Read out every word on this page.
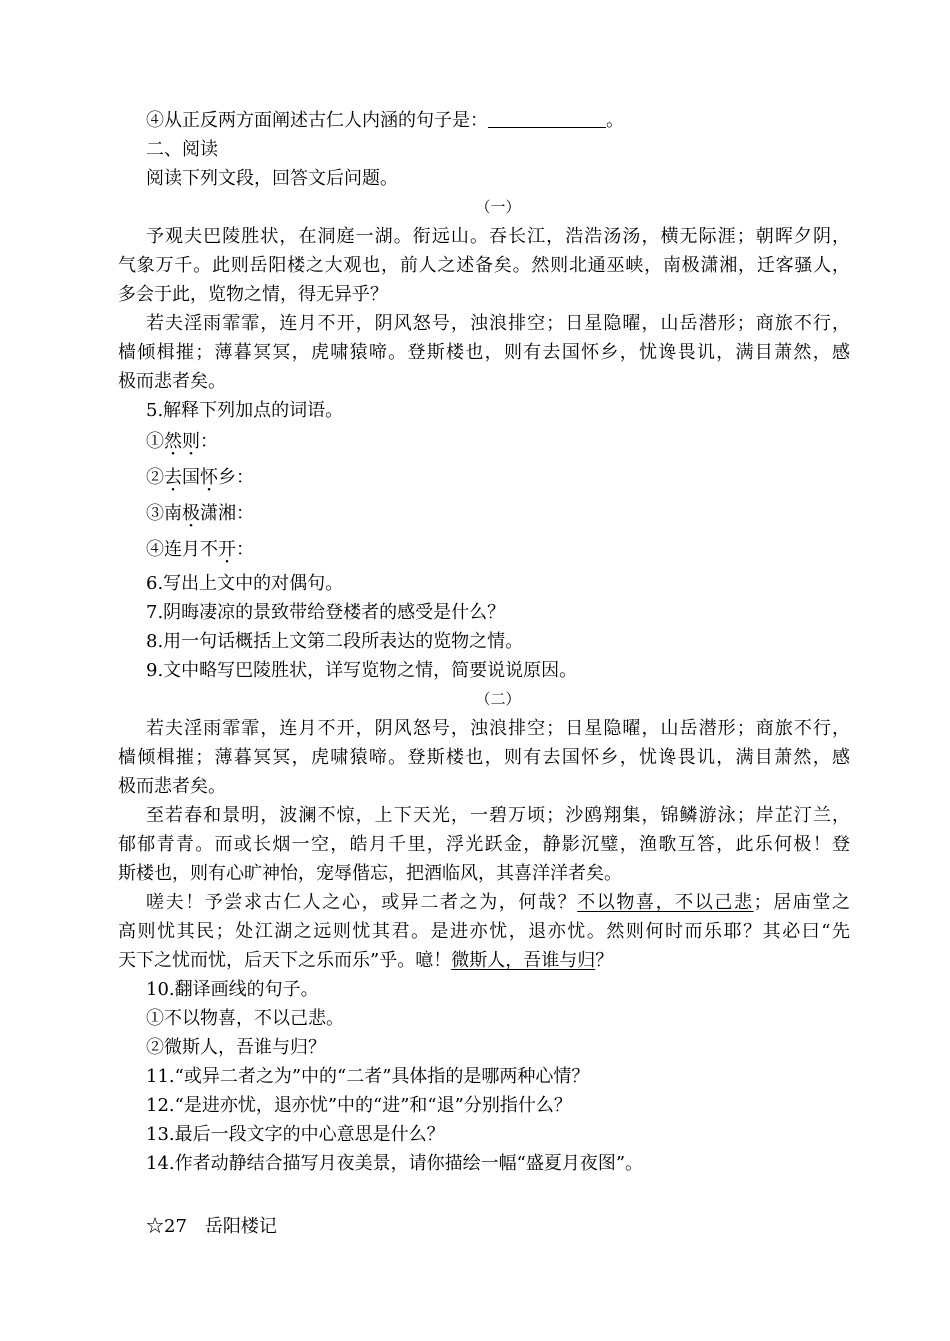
④从正反两方面阐述古仁人内涵的句子是：	。
二、阅读
阅读下列文段，回答文后问题。
（一）
予观夫巴陵胜状，在洞庭一湖。衔远山。吞长江，浩浩汤汤，横无际涯；朝晖夕阴，
气象万千。此则岳阳楼之大观也，前人之述备矣。然则北通巫峡，南极潇湘，迁客骚人，
多会于此，览物之情，得无异乎？
若夫淫雨霏霏，连月不开，阴风怒号，浊浪排空；日星隐曜，山岳潜形；商旅不行，
樯倾楫摧；薄暮冥冥，虎啸猿啼。登斯楼也，则有去国怀乡，忧谗畏讥，满目萧然，感
极而悲者矣。
5.解释下列加点的词语。
①然则：
②去国怀乡：
③南极潇湘：
④连月不开：
6.写出上文中的对偶句。
7.阴晦凄凉的景致带给登楼者的感受是什么？
8.用一句话概括上文第二段所表达的览物之情。
9.文中略写巴陵胜状，详写览物之情，简要说说原因。
（二）
若夫淫雨霏霏，连月不开，阴风怒号，浊浪排空；日星隐曜，山岳潜形；商旅不行，
樯倾楫摧；薄暮冥冥，虎啸猿啼。登斯楼也，则有去国怀乡，忧谗畏讥，满目萧然，感
极而悲者矣。
至若春和景明，波澜不惊，上下天光，一碧万顷；沙鸥翔集，锦鳞游泳；岸芷汀兰，
郁郁青青。而或长烟一空，皓月千里，浮光跃金，静影沉璧，渔歌互答，此乐何极！登
斯楼也，则有心旷神怡，宠辱偕忘，把酒临风，其喜洋洋者矣。
嗟夫！予尝求古仁人之心，或异二者之为，何哉？不以物喜，不以己悲；居庙堂之
高则忧其民；处江湖之远则忧其君。是进亦忧，退亦忧。然则何时而乐耶？其必曰“先
天下之忧而忧，后天下之乐而乐”乎。噫！微斯人，吾谁与归？
10.翻译画线的句子。
①不以物喜，不以己悲。
②微斯人，吾谁与归？
11.“或异二者之为”中的“二者”具体指的是哪两种心情？
12.“是进亦忧，退亦忧”中的“进”和“退”分别指什么？
13.最后一段文字的中心意思是什么？
14.作者动静结合描写月夜美景，请你描绘一幅“盛夏月夜图”。
☆27　岳阳楼记
